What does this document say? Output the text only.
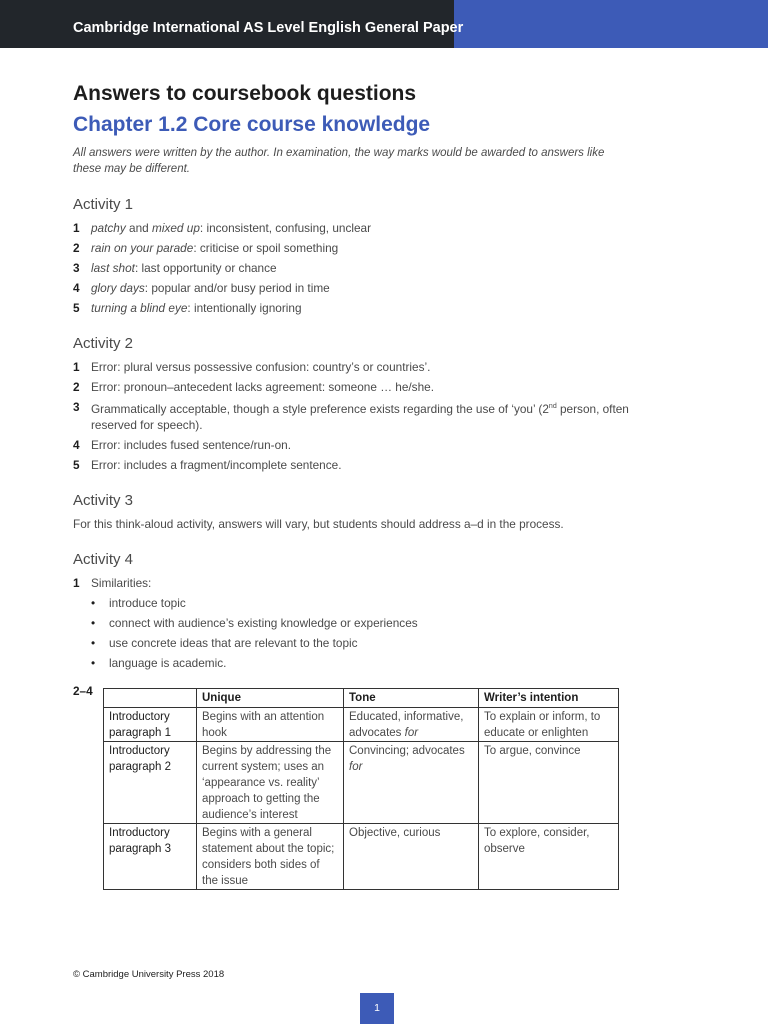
Cambridge International AS Level English General Paper
Answers to coursebook questions
Chapter 1.2 Core course knowledge

All answers were written by the author. In examination, the way marks would be awarded to answers like these may be different.

Activity 1
1 patchy and mixed up: inconsistent, confusing, unclear
2 rain on your parade: criticise or spoil something
3 last shot: last opportunity or chance
4 glory days: popular and/or busy period in time
5 turning a blind eye: intentionally ignoring
Activity 2
1 Error: plural versus possessive confusion: country’s or countries’.
2 Error: pronoun–antecedent lacks agreement: someone … he/she.
3 Grammatically acceptable, though a style preference exists regarding the use of ‘you’ (2nd person, often reserved for speech).
4 Error: includes fused sentence/run-on.
5 Error: includes a fragment/incomplete sentence.
Activity 3
For this think-aloud activity, answers will vary, but students should address a–d in the process.
Activity 4
1 Similarities:
• introduce topic
• connect with audience’s existing knowledge or experiences
• use concrete ideas that are relevant to the topic
• language is academic.
2–4
		Unique	Tone	Writer’s intention
Introductory paragraph 1	Begins with an attention hook	Educated, informative, advocates for	To explain or inform, to educate or enlighten
Introductory paragraph 2	Begins by addressing the current system; uses an ‘appearance vs. reality’ approach to getting the audience’s interest	Convincing; advocates for	To argue, convince
Introductory paragraph 3	Begins with a general statement about the topic; considers both sides of the issue	Objective, curious	To explore, consider, observe
© Cambridge University Press 2018
1
